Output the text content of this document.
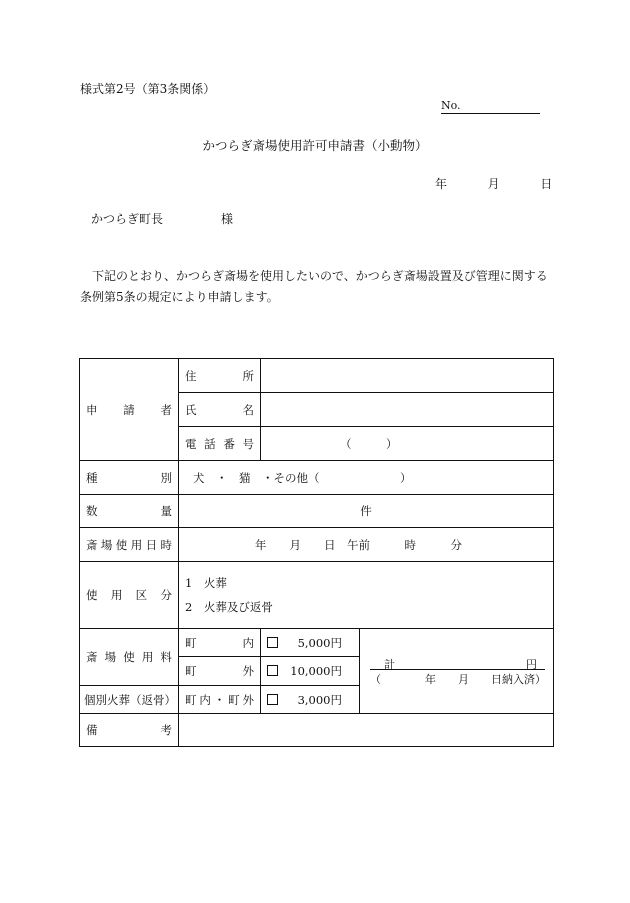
様式第2号（第3条関係）
No.
かつらぎ斎場使用許可申請書（小動物）
年	月	日
かつらぎ町長	様
下記のとおり、かつらぎ斎場を使用したいので、かつらぎ斎場設置及び管理に関する条例第5条の規定により申請します。
申　請　者	住　　　所		
	氏　　　名		
	電 話 番 号	（　　　）	
種　　　別	犬　・　猫　・その他（　　　　　　　）		
数　　　量	件		
斎場使用日時	年　　月　　日　午前　　　時　　　分		
使　用　区　分	1　火葬
2　火葬及び返骨		

斎 場 使 用 料	町　　　内	5,000円	計 円
（　　　　年　　月　　日納入済）

	町　　　外	10,000円	
個別火葬（返骨）	町内・町外	3,000円	
備　　　考			
